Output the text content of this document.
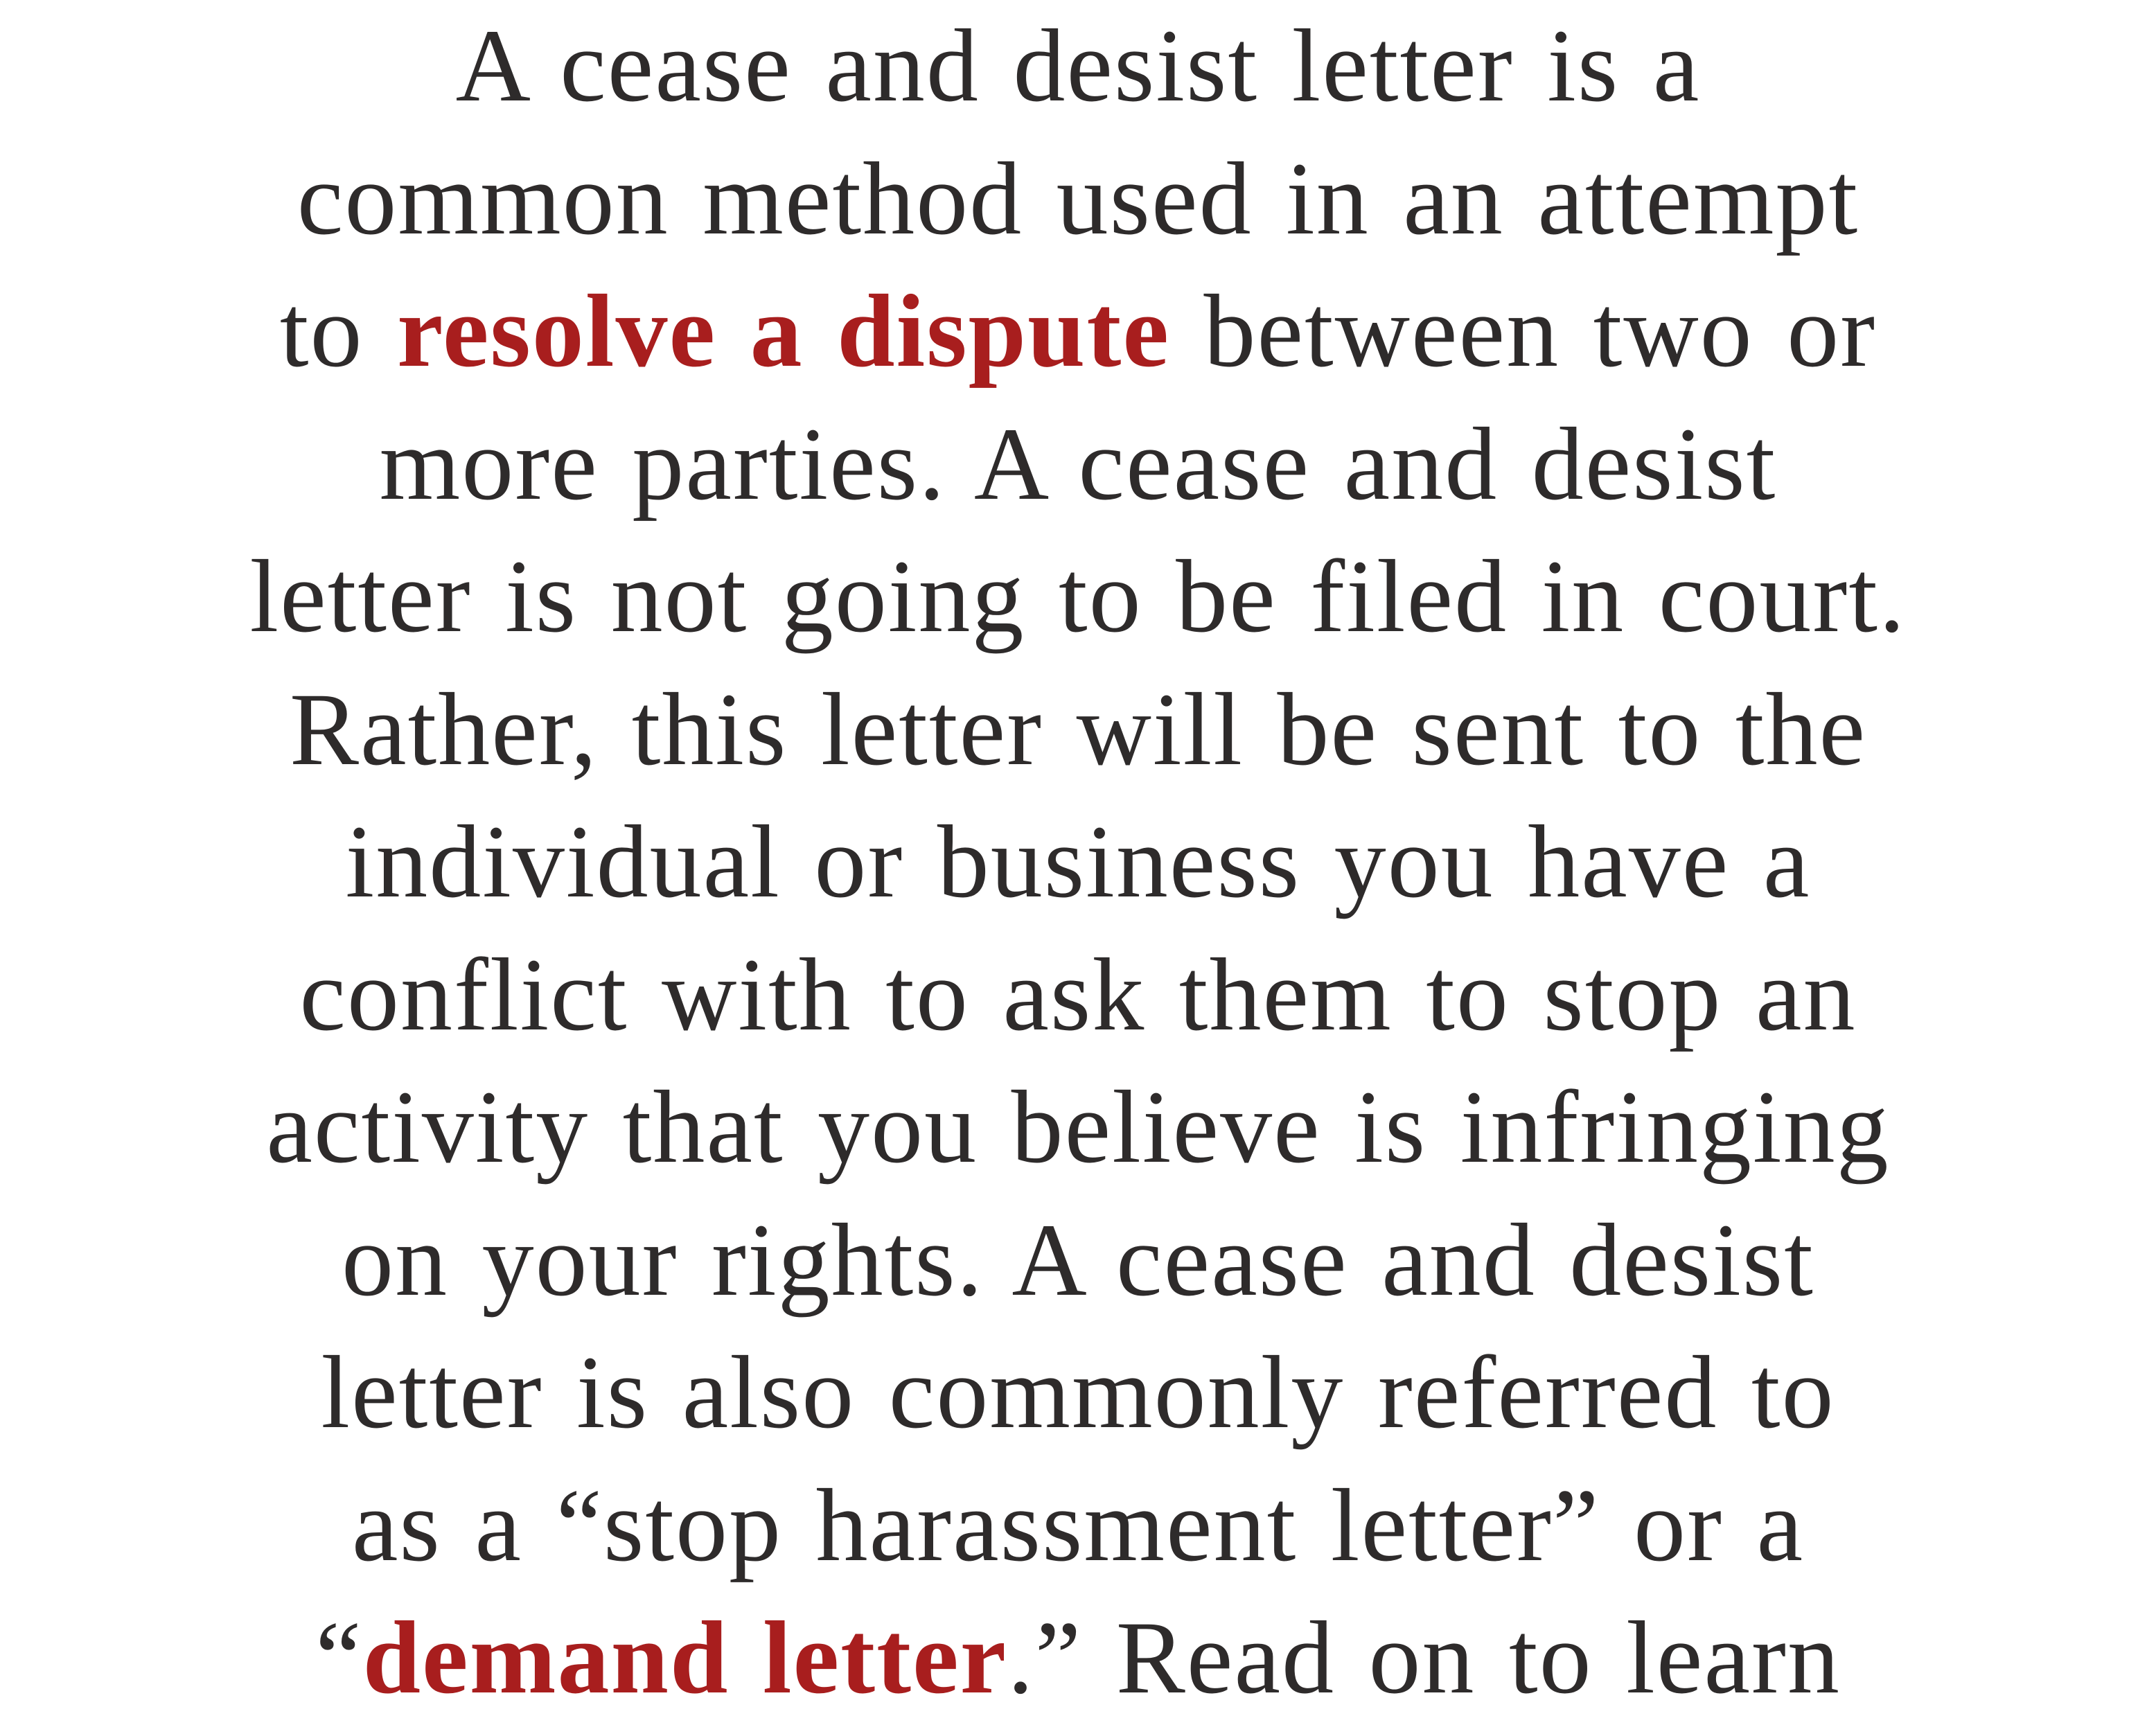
A cease and desist letter is a
common method used in an attempt
to resolve a dispute between two or
more parties. A cease and desist
letter is not going to be filed in court.
Rather, this letter will be sent to the
individual or business you have a
conflict with to ask them to stop an
activity that you believe is infringing
on your rights. A cease and desist
letter is also commonly referred to
as a “stop harassment letter” or a
“demand letter.” Read on to learn
